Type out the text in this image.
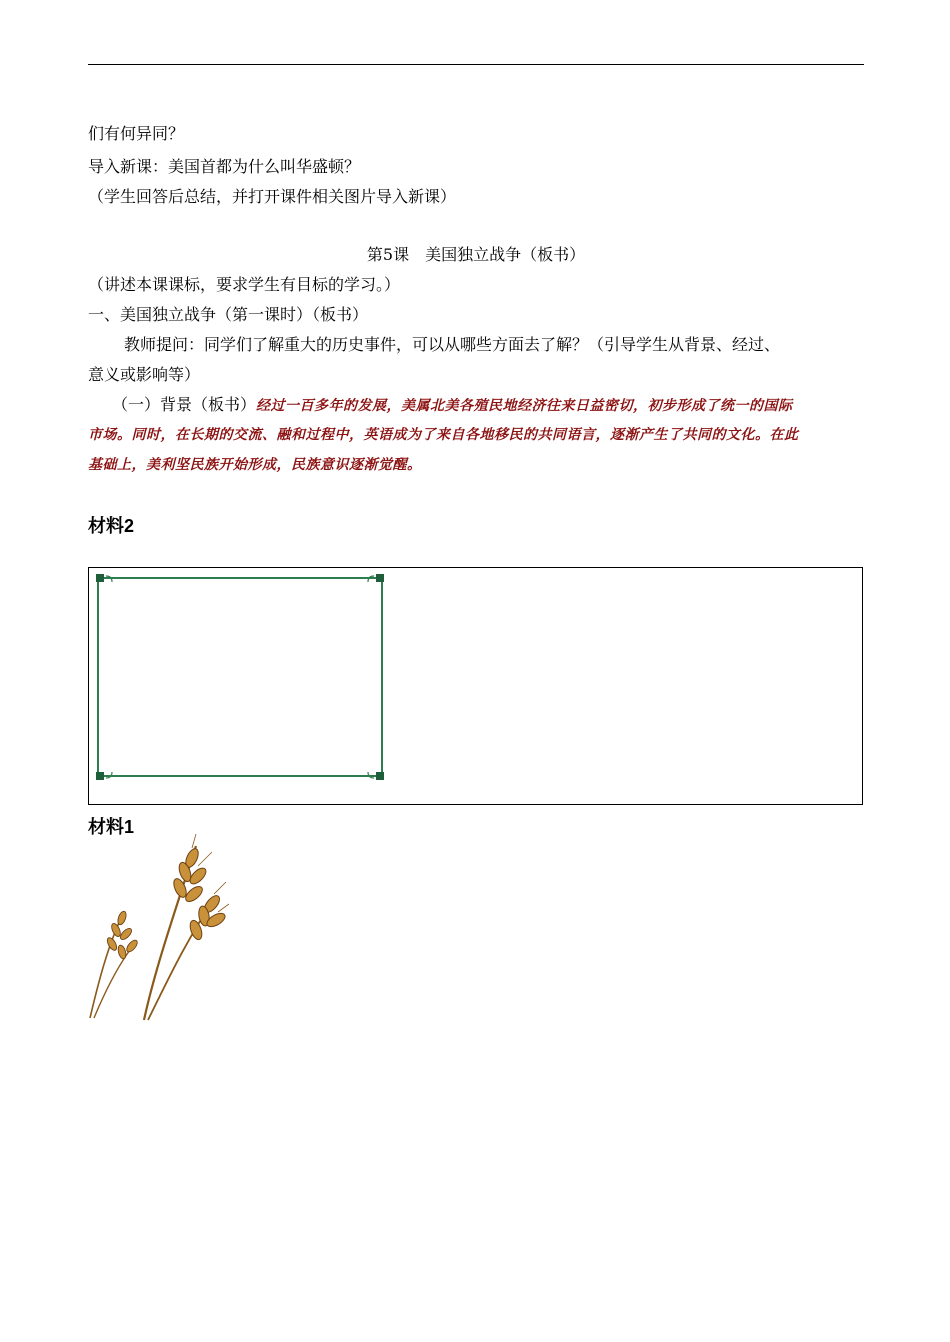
们有何异同？
导入新课：美国首都为什么叫华盛顿？
（学生回答后总结，并打开课件相关图片导入新课）
第5课　美国独立战争（板书）
（讲述本课课标，要求学生有目标的学习。）
一、美国独立战争（第一课时）（板书）
教师提问：同学们了解重大的历史事件，可以从哪些方面去了解？（引导学生从背景、经过、
意义或影响等）
（一）背景（板书）经过一百多年的发展，美属北美各殖民地经济往来日益密切，初步形成了统一的国际
市场。同时，在长期的交流、融和过程中，英语成为了来自各地移民的共同语言，逐渐产生了共同的文化。在此
基础上，美利坚民族开始形成，民族意识逐渐觉醒。
材料2
材料1
